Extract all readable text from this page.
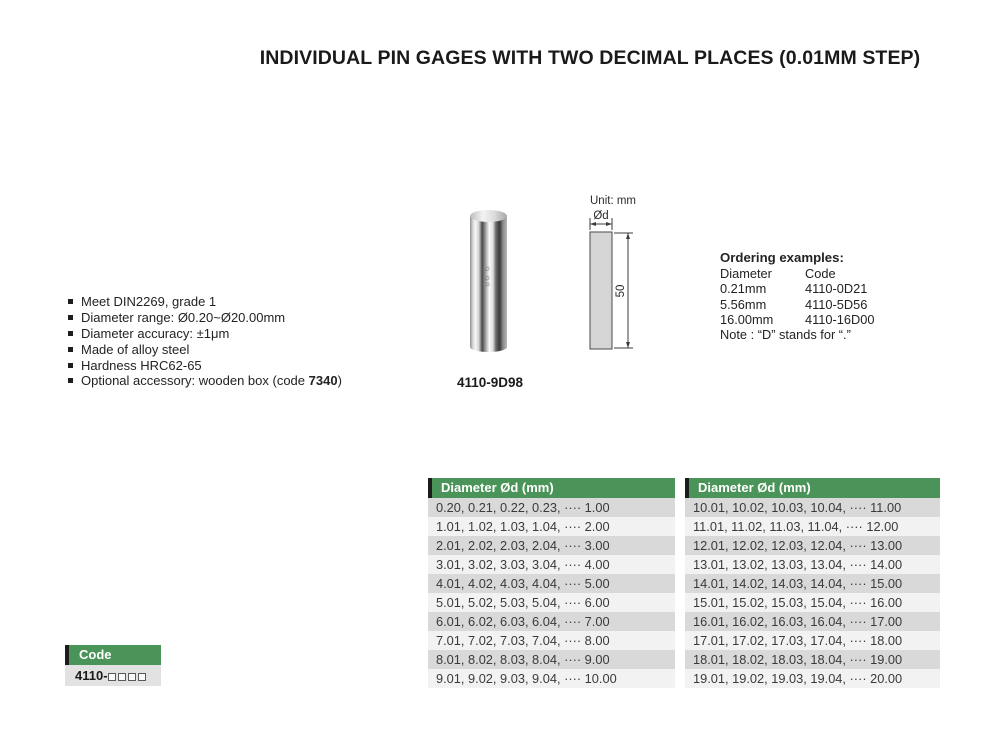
INDIVIDUAL PIN GAGES WITH TWO DECIMAL PLACES (0.01MM STEP)
Meet DIN2269, grade 1
Diameter range: Ø0.20~Ø20.00mm
Diameter accuracy: ±1μm
Made of alloy steel
Hardness HRC62-65
Optional accessory: wooden box (code 7340)
9.98
4110-9D98
Unit: mm
Ød
50
Ordering examples:
Diameter	Code
0.21mm	4110-0D21
5.56mm	4110-5D56
16.00mm	4110-16D00
Note : “D” stands for “.”
Diameter Ød (mm)
0.20, 0.21, 0.22, 0.23, ···· 1.00
1.01, 1.02, 1.03, 1.04, ···· 2.00
2.01, 2.02, 2.03, 2.04, ···· 3.00
3.01, 3.02, 3.03, 3.04, ···· 4.00
4.01, 4.02, 4.03, 4.04, ···· 5.00
5.01, 5.02, 5.03, 5.04, ···· 6.00
6.01, 6.02, 6.03, 6.04, ···· 7.00
7.01, 7.02, 7.03, 7.04, ···· 8.00
8.01, 8.02, 8.03, 8.04, ···· 9.00
9.01, 9.02, 9.03, 9.04, ···· 10.00
Diameter Ød (mm)
10.01, 10.02, 10.03, 10.04, ···· 11.00
11.01, 11.02, 11.03, 11.04, ···· 12.00
12.01, 12.02, 12.03, 12.04, ···· 13.00
13.01, 13.02, 13.03, 13.04, ···· 14.00
14.01, 14.02, 14.03, 14.04, ···· 15.00
15.01, 15.02, 15.03, 15.04, ···· 16.00
16.01, 16.02, 16.03, 16.04, ···· 17.00
17.01, 17.02, 17.03, 17.04, ···· 18.00
18.01, 18.02, 18.03, 18.04, ···· 19.00
19.01, 19.02, 19.03, 19.04, ···· 20.00
Code
4110-
